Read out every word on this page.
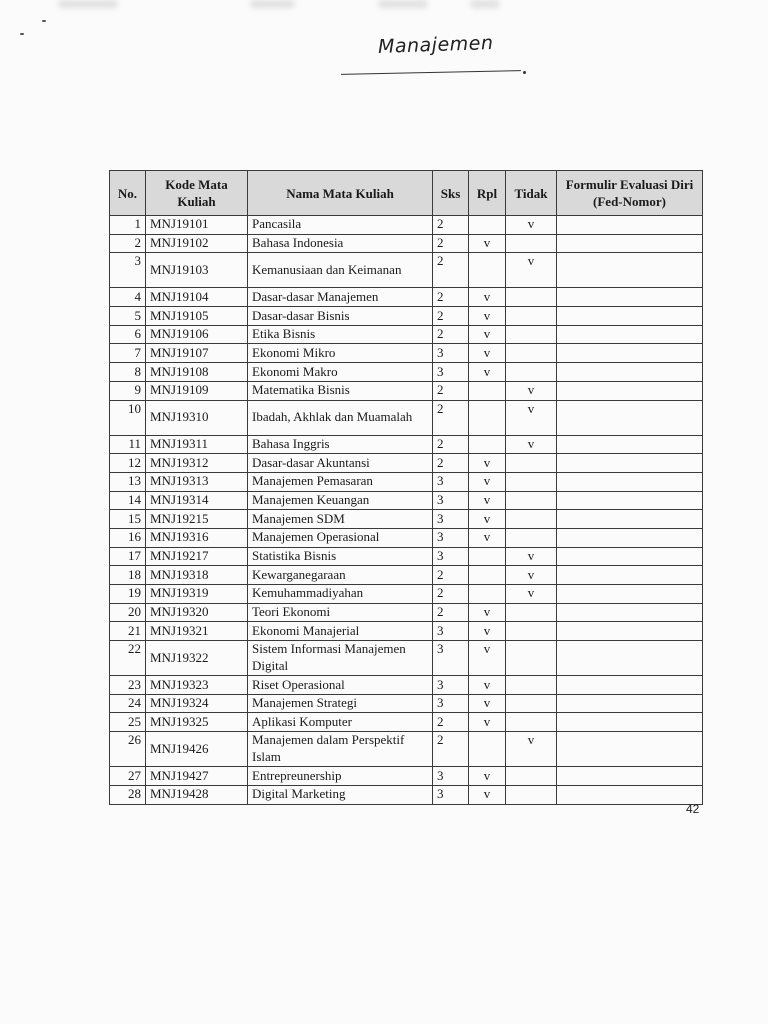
Manajemen
No.	Kode Mata Kuliah	Nama Mata Kuliah	Sks	Rpl	Tidak	Formulir Evaluasi Diri (Fed-Nomor)
1	MNJ19101	Pancasila	2		v	
2	MNJ19102	Bahasa Indonesia	2	v		
3	MNJ19103	Kemanusiaan dan Keimanan	2		v	
4	MNJ19104	Dasar-dasar Manajemen	2	v		
5	MNJ19105	Dasar-dasar Bisnis	2	v		
6	MNJ19106	Etika Bisnis	2	v		
7	MNJ19107	Ekonomi Mikro	3	v		
8	MNJ19108	Ekonomi Makro	3	v		
9	MNJ19109	Matematika Bisnis	2		v	
10	MNJ19310	Ibadah, Akhlak dan Muamalah	2		v	
11	MNJ19311	Bahasa Inggris	2		v	
12	MNJ19312	Dasar-dasar Akuntansi	2	v		
13	MNJ19313	Manajemen Pemasaran	3	v		
14	MNJ19314	Manajemen Keuangan	3	v		
15	MNJ19215	Manajemen SDM	3	v		
16	MNJ19316	Manajemen Operasional	3	v		
17	MNJ19217	Statistika Bisnis	3		v	
18	MNJ19318	Kewarganegaraan	2		v	
19	MNJ19319	Kemuhammadiyahan	2		v	
20	MNJ19320	Teori Ekonomi	2	v		
21	MNJ19321	Ekonomi Manajerial	3	v		
22	MNJ19322	Sistem Informasi Manajemen Digital	3	v		
23	MNJ19323	Riset Operasional	3	v		
24	MNJ19324	Manajemen Strategi	3	v		
25	MNJ19325	Aplikasi Komputer	2	v		
26	MNJ19426	Manajemen dalam Perspektif Islam	2		v	
27	MNJ19427	Entrepreunership	3	v		
28	MNJ19428	Digital Marketing	3	v		
42
